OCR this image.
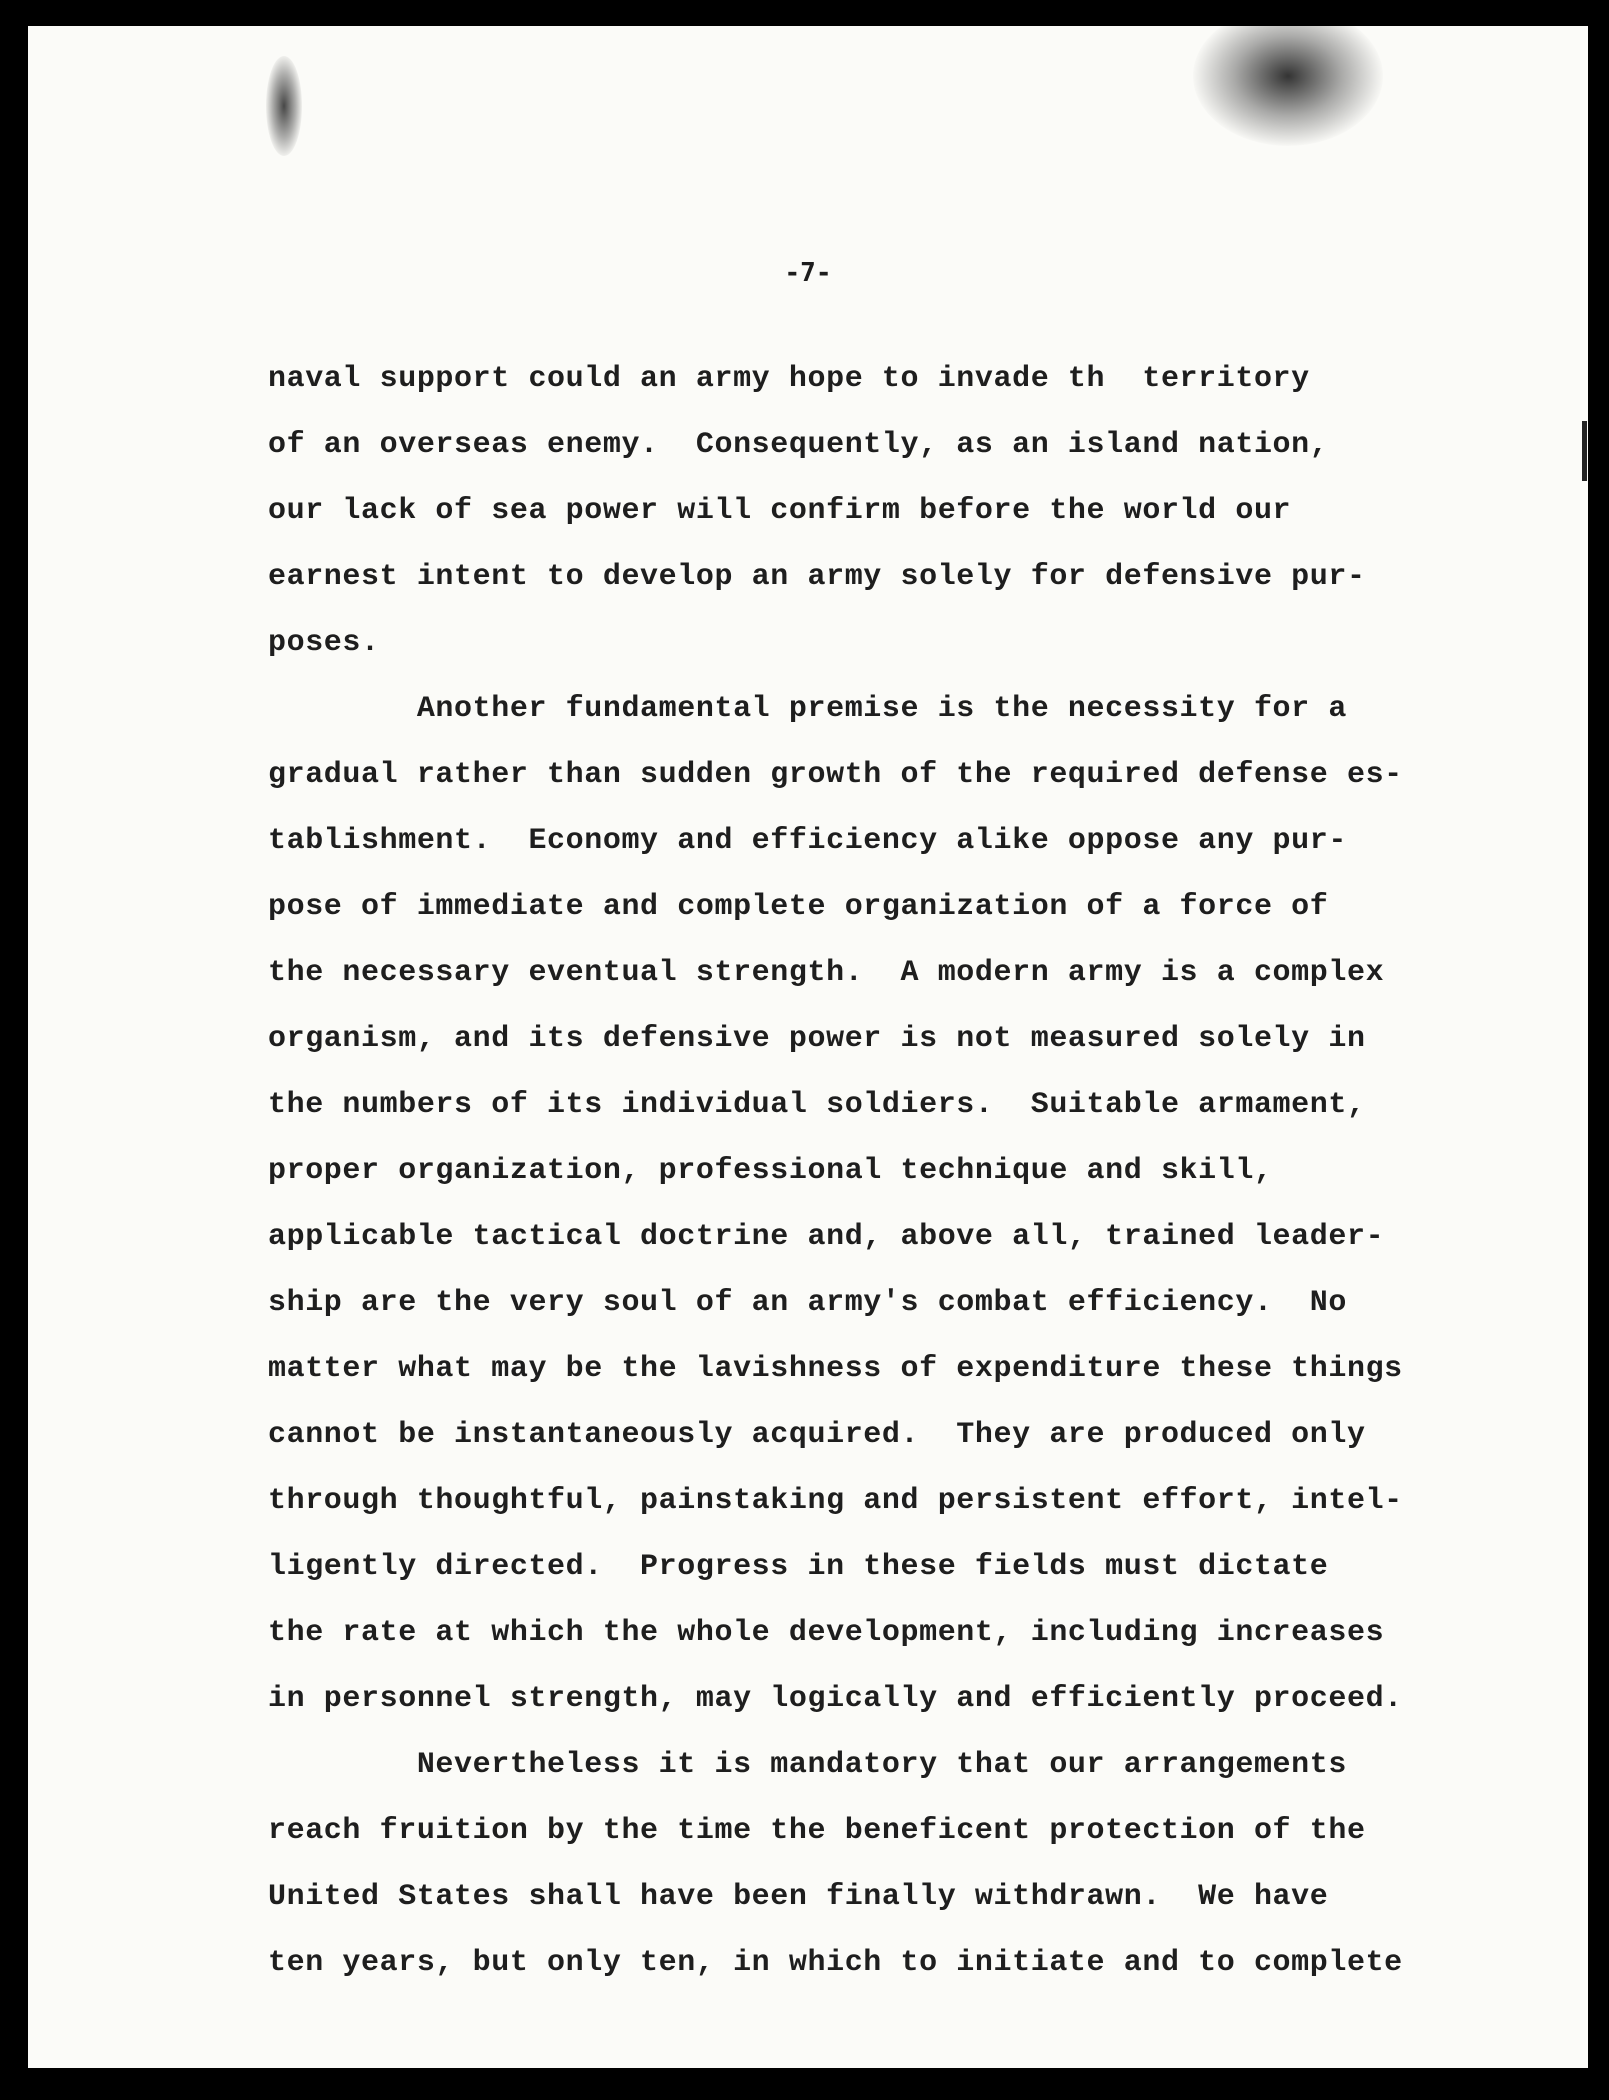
-7-
naval support could an army hope to invade th  territory
of an overseas enemy.  Consequently, as an island nation,
our lack of sea power will confirm before the world our
earnest intent to develop an army solely for defensive pur-
poses.
Another fundamental premise is the necessity for a
gradual rather than sudden growth of the required defense es-
tablishment.  Economy and efficiency alike oppose any pur-
pose of immediate and complete organization of a force of
the necessary eventual strength.  A modern army is a complex
organism, and its defensive power is not measured solely in
the numbers of its individual soldiers.  Suitable armament,
proper organization, professional technique and skill,
applicable tactical doctrine and, above all, trained leader-
ship are the very soul of an army's combat efficiency.  No
matter what may be the lavishness of expenditure these things
cannot be instantaneously acquired.  They are produced only
through thoughtful, painstaking and persistent effort, intel-
ligently directed.  Progress in these fields must dictate
the rate at which the whole development, including increases
in personnel strength, may logically and efficiently proceed.
Nevertheless it is mandatory that our arrangements
reach fruition by the time the beneficent protection of the
United States shall have been finally withdrawn.  We have
ten years, but only ten, in which to initiate and to complete
